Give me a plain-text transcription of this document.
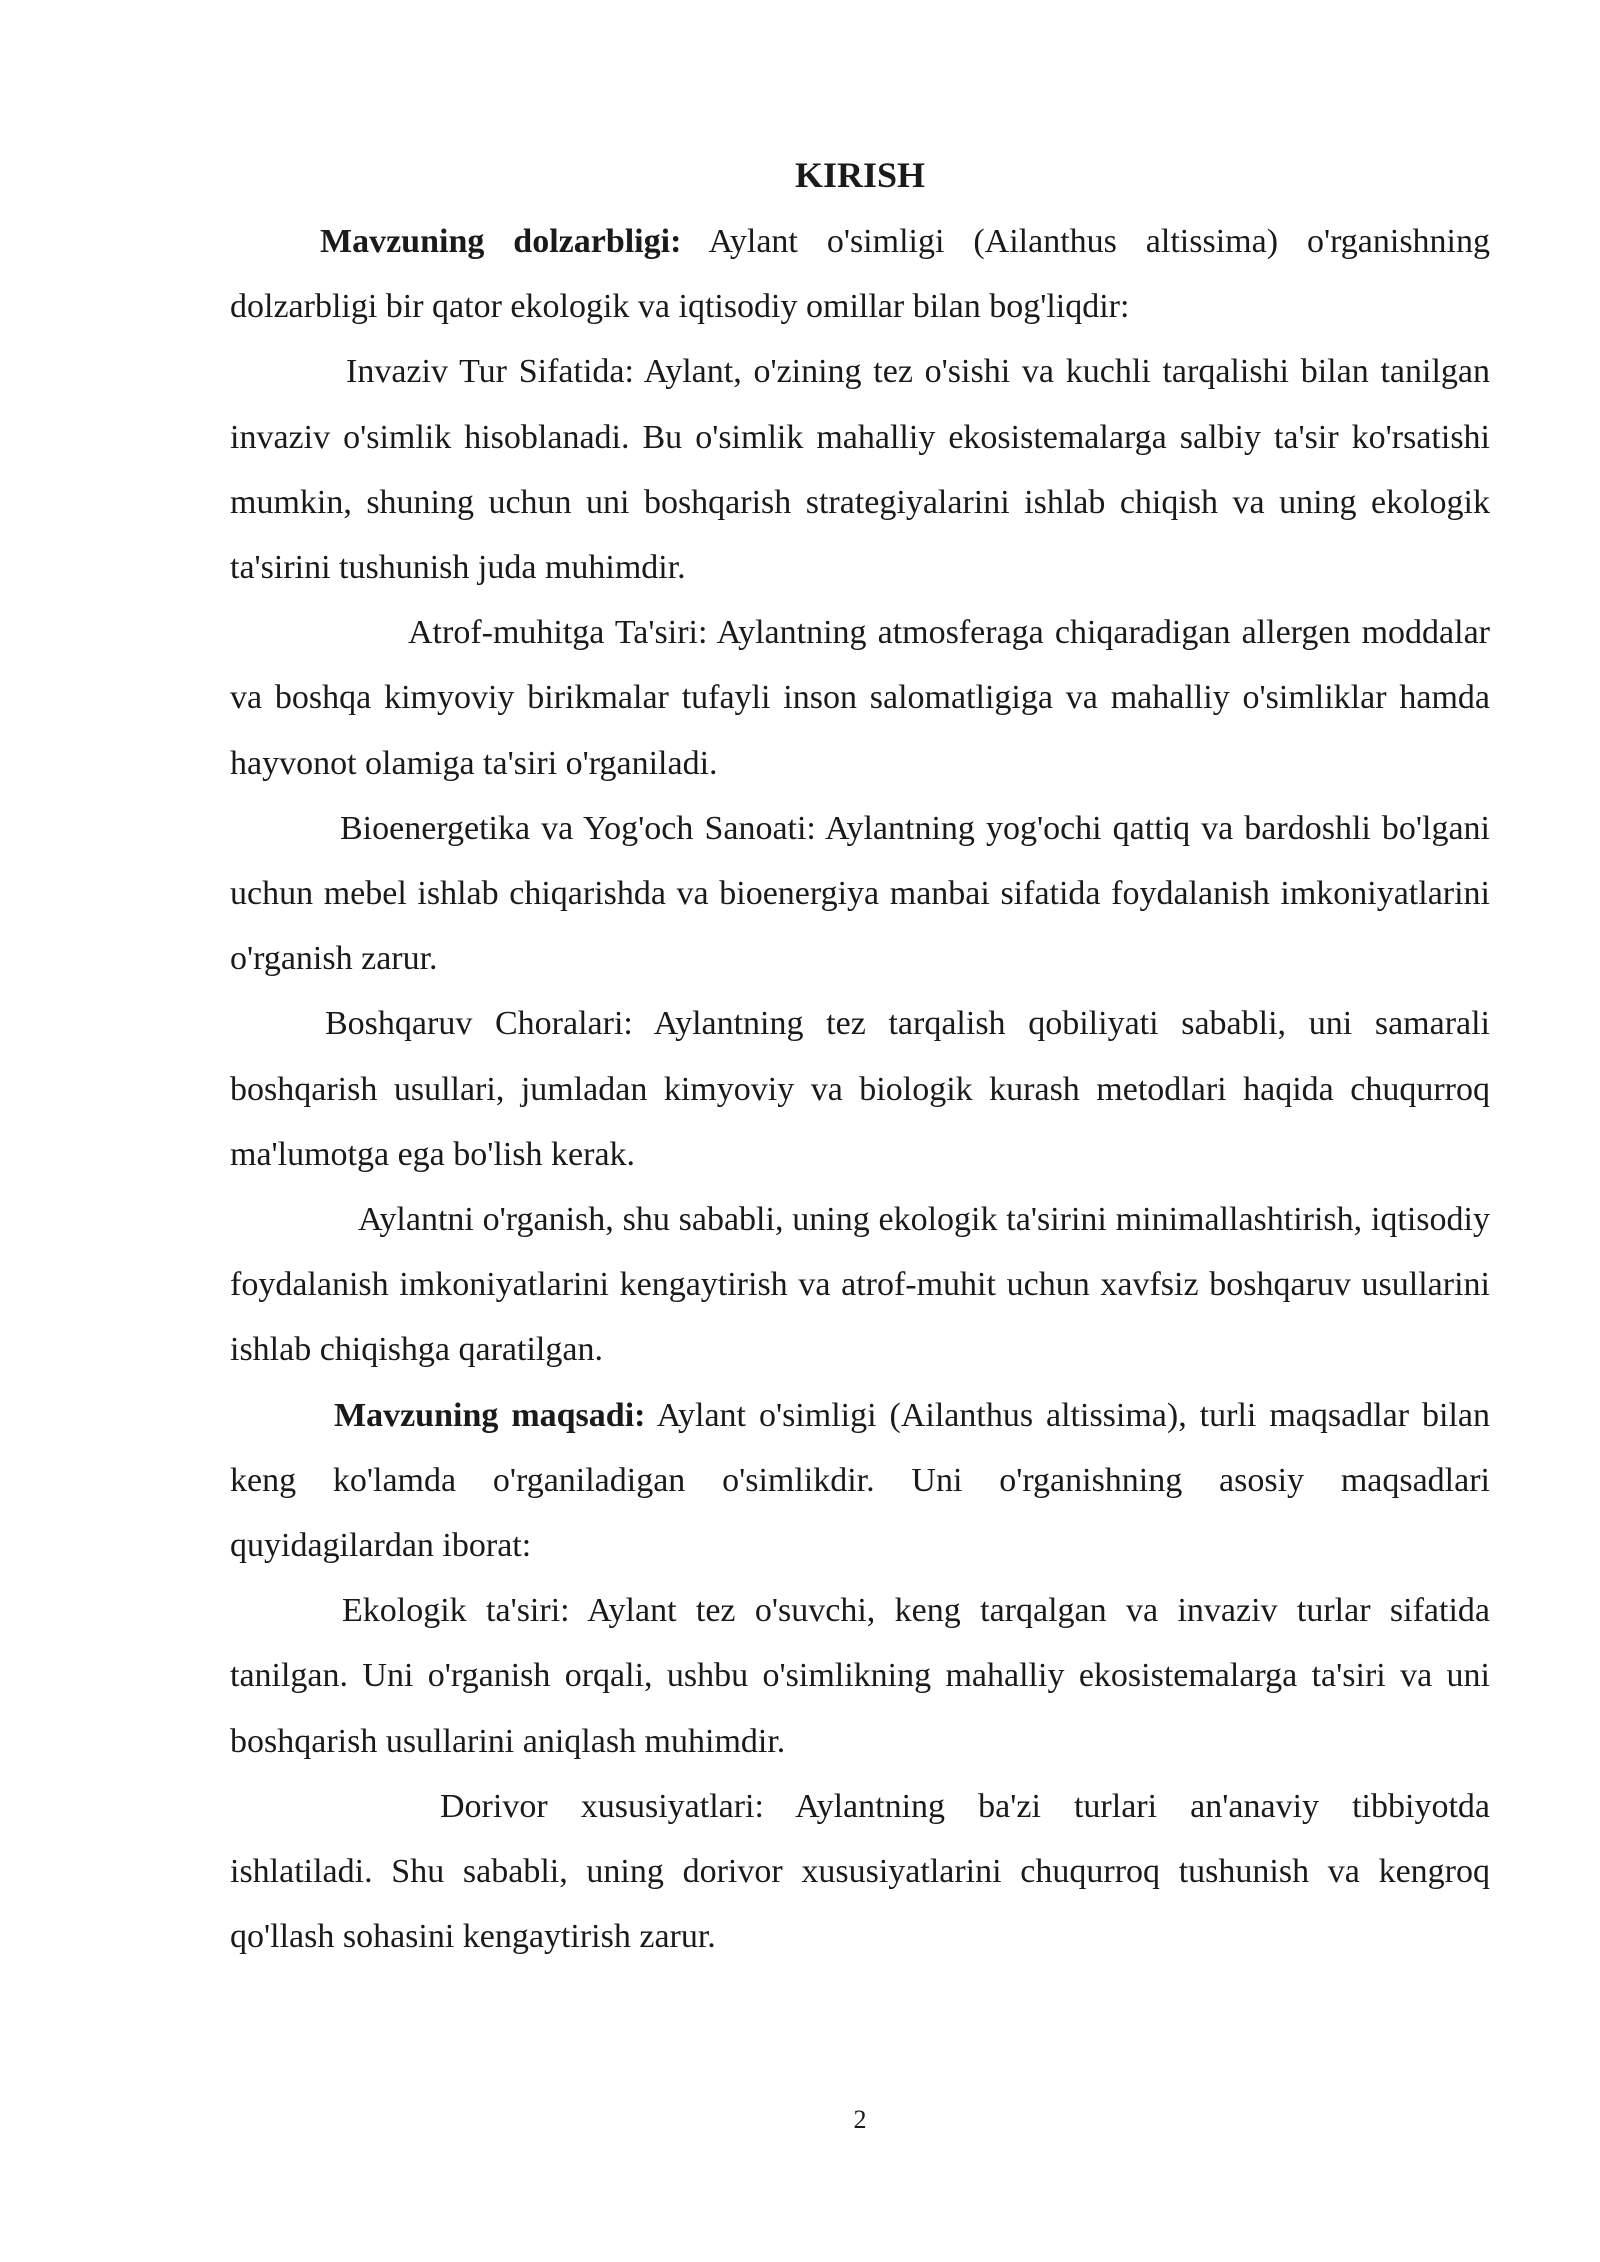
KIRISH

Mavzuning dolzarbligi: Aylant o'simligi (Ailanthus altissima) o'rganishning dolzarbligi bir qator ekologik va iqtisodiy omillar bilan bog'liqdir:

Invaziv Tur Sifatida: Aylant, o'zining tez o'sishi va kuchli tarqalishi bilan tanilgan invaziv o'simlik hisoblanadi. Bu o'simlik mahalliy ekosistemalarga salbiy ta'sir ko'rsatishi mumkin, shuning uchun uni boshqarish strategiyalarini ishlab chiqish va uning ekologik ta'sirini tushunish juda muhimdir.

Atrof-muhitga Ta'siri: Aylantning atmosferaga chiqaradigan allergen moddalar va boshqa kimyoviy birikmalar tufayli inson salomatligiga va mahalliy o'simliklar hamda hayvonot olamiga ta'siri o'rganiladi.

Bioenergetika va Yog'och Sanoati: Aylantning yog'ochi qattiq va bardoshli bo'lgani uchun mebel ishlab chiqarishda va bioenergiya manbai sifatida foydalanish imkoniyatlarini o'rganish zarur.

Boshqaruv Choralari: Aylantning tez tarqalish qobiliyati sababli, uni samarali boshqarish usullari, jumladan kimyoviy va biologik kurash metodlari haqida chuqurroq ma'lumotga ega bo'lish kerak.

Aylantni o'rganish, shu sababli, uning ekologik ta'sirini minimallashtirish, iqtisodiy foydalanish imkoniyatlarini kengaytirish va atrof-muhit uchun xavfsiz boshqaruv usullarini ishlab chiqishga qaratilgan.

Mavzuning maqsadi: Aylant o'simligi (Ailanthus altissima), turli maqsadlar bilan keng ko'lamda o'rganiladigan o'simlikdir. Uni o'rganishning asosiy maqsadlari quyidagilardan iborat:

Ekologik ta'siri: Aylant tez o'suvchi, keng tarqalgan va invaziv turlar sifatida tanilgan. Uni o'rganish orqali, ushbu o'simlikning mahalliy ekosistemalarga ta'siri va uni boshqarish usullarini aniqlash muhimdir.

Dorivor xususiyatlari: Aylantning ba'zi turlari an'anaviy tibbiyotda ishlatiladi. Shu sababli, uning dorivor xususiyatlarini chuqurroq tushunish va kengroq qo'llash sohasini kengaytirish zarur.

2
